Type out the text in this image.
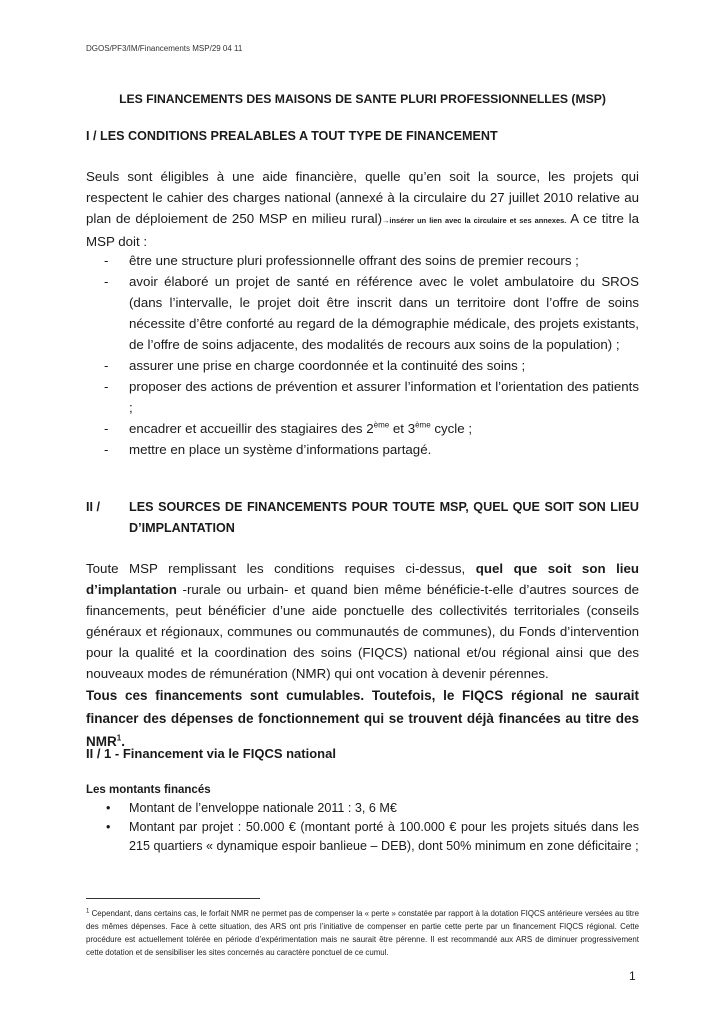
DGOS/PF3/IM/Financements MSP/29 04 11
LES FINANCEMENTS DES MAISONS DE SANTE PLURI PROFESSIONNELLES (MSP)
I / LES CONDITIONS PREALABLES A TOUT TYPE DE FINANCEMENT
Seuls sont éligibles à une aide financière, quelle qu’en soit la source, les projets qui respectent le cahier des charges national (annexé à la circulaire du 27 juillet 2010 relative au plan de déploiement de 250 MSP en milieu rural)→insérer un lien avec la circulaire et ses annexes. A ce titre la MSP doit :
- être une structure pluri professionnelle offrant des soins de premier recours ;
- avoir élaboré un projet de santé en référence avec le volet ambulatoire du SROS (dans l’intervalle, le projet doit être inscrit dans un territoire dont l’offre de soins nécessite d’être conforté au regard de la démographie médicale, des projets existants, de l’offre de soins adjacente, des modalités de recours aux soins de la population) ;
- assurer une prise en charge coordonnée et la continuité des soins ;
- proposer des actions de prévention et assurer l’information et l’orientation des patients ;
- encadrer et accueillir des stagiaires des 2ème et 3ème cycle ;
- mettre en place un système d’informations partagé.
II / LES SOURCES DE FINANCEMENTS POUR TOUTE MSP, QUEL QUE SOIT SON LIEU D’IMPLANTATION
Toute MSP remplissant les conditions requises ci-dessus, quel que soit son lieu d’implantation -rurale ou urbain- et quand bien même bénéficie-t-elle d’autres sources de financements, peut bénéficier d’une aide ponctuelle des collectivités territoriales (conseils généraux et régionaux, communes ou communautés de communes), du Fonds d’intervention pour la qualité et la coordination des soins (FIQCS) national et/ou régional ainsi que des nouveaux modes de rémunération (NMR) qui ont vocation à devenir pérennes.
Tous ces financements sont cumulables. Toutefois, le FIQCS régional ne saurait financer des dépenses de fonctionnement qui se trouvent déjà financées au titre des NMR$^1$.
II / 1 - Financement via le FIQCS national
Les montants financés
• Montant de l’enveloppe nationale 2011 : 3, 6 M€
• Montant par projet : 50.000 € (montant porté à 100.000 € pour les projets situés dans les 215 quartiers « dynamique espoir banlieue – DEB), dont 50% minimum en zone déficitaire ;
$^1$ Cependant, dans certains cas, le forfait NMR ne permet pas de compenser la « perte » constatée par rapport à la dotation FIQCS antérieure versées au titre des mêmes dépenses. Face à cette situation, des ARS ont pris l’initiative de compenser en partie cette perte par un financement FIQCS régional. Cette procédure est actuellement tolérée en période d’expérimentation mais ne saurait être pérenne. Il est recommandé aux ARS de diminuer progressivement cette dotation et de sensibiliser les sites concernés au caractère ponctuel de ce cumul.
1
